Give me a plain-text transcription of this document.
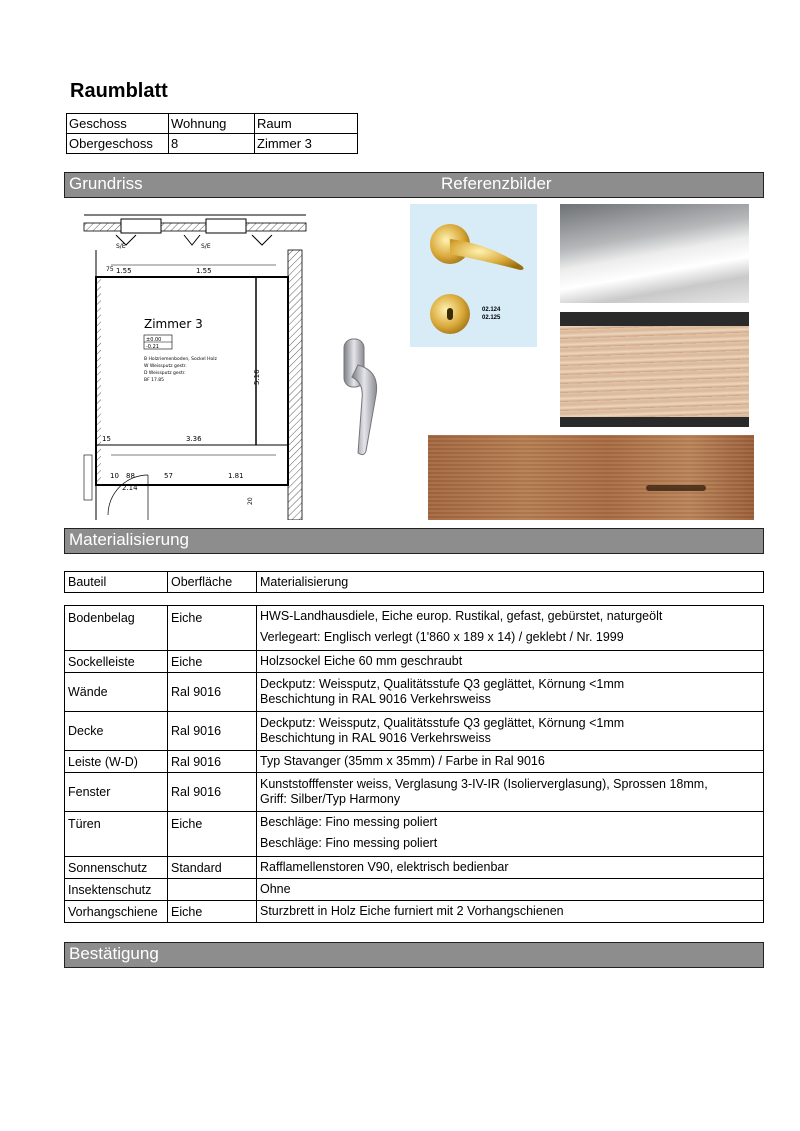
Raumblatt
Geschoss	Wohnung	Raum
Obergeschoss	8	Zimmer 3
Grundriss	Referenzbilder
S/E	S/E
1.55	1.55
3.36
1.81
15
57
2.14
88
10
75
20
5.16
Zimmer 3
±0.00
-0.21
B Holzriemenboden, Sockel Holz
W Weissputz gestr.
D Weissputz gestr.
BF 17.85
02.124
02.125
Materialisierung
Bauteil	Oberfläche	Materialisierung
Bodenbelag	Eiche	HWS-Landhausdiele, Eiche europ. Rustikal, gefast, gebürstet, naturgeölt
Verlegeart: Englisch verlegt (1'860 x 189 x 14) / geklebt / Nr. 1999

Sockelleiste	Eiche	Holzsockel Eiche 60 mm geschraubt

Wände	Ral 9016	Deckputz: Weissputz, Qualitätsstufe Q3 geglättet, Körnung <1mm
Beschichtung in RAL 9016 Verkehrsweiss

Decke	Ral 9016	Deckputz: Weissputz, Qualitätsstufe Q3 geglättet, Körnung <1mm
Beschichtung in RAL 9016 Verkehrsweiss

Leiste (W-D)	Ral 9016	Typ Stavanger (35mm x 35mm) / Farbe in Ral 9016

Fenster	Ral 9016	Kunststofffenster weiss, Verglasung 3-IV-IR (Isolierverglasung), Sprossen 18mm,
Griff: Silber/Typ Harmony

Türen	Eiche	Beschläge: Fino messing poliert
Beschläge: Fino messing poliert

Sonnenschutz	Standard	Rafflamellenstoren V90, elektrisch bedienbar

Insektenschutz		Ohne

Vorhangschiene	Eiche	Sturzbrett in Holz Eiche furniert mit 2 Vorhangschienen
Bestätigung
